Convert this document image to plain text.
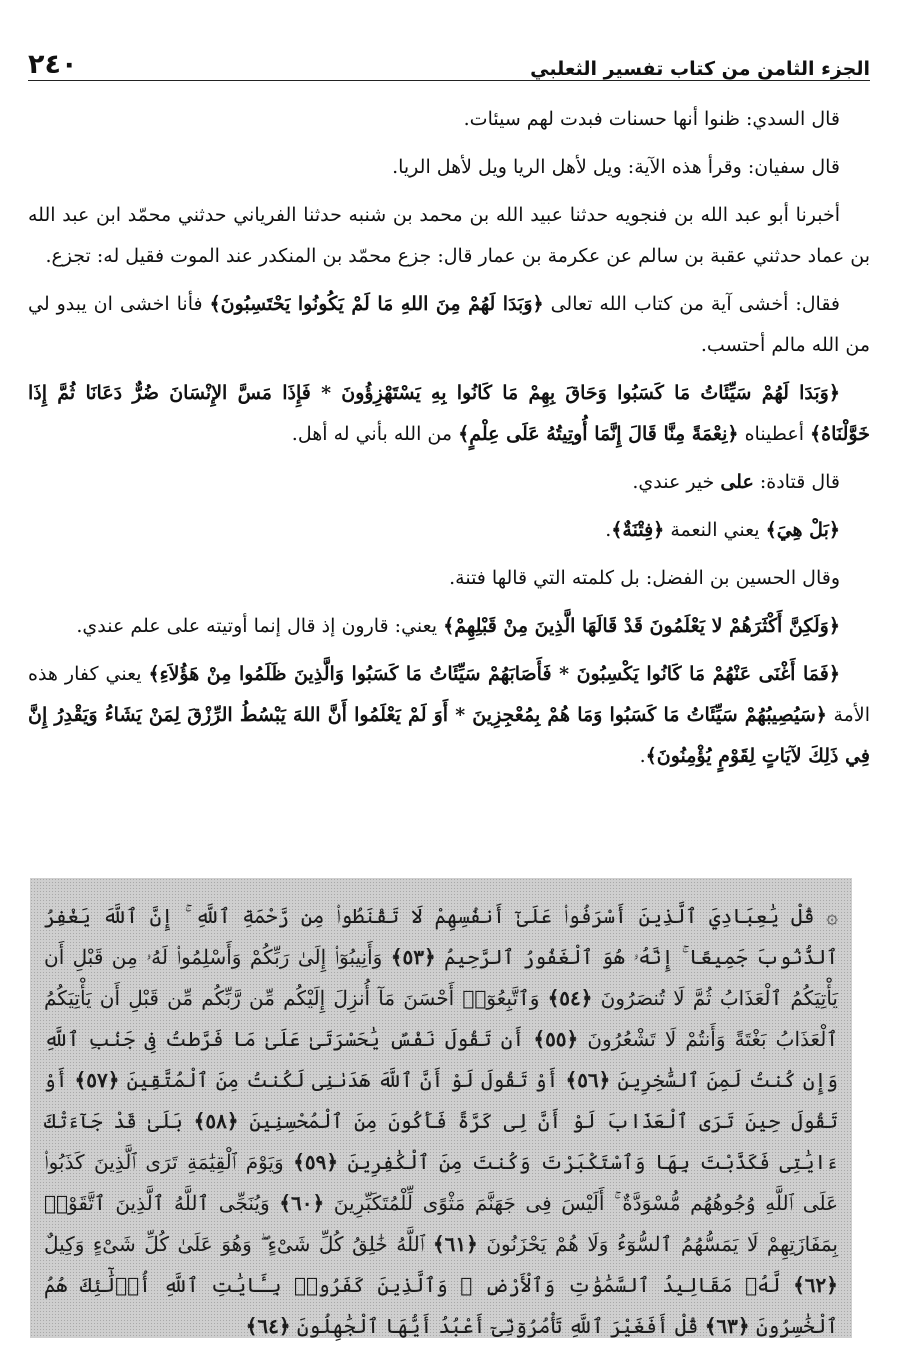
الجزء الثامن من كتاب تفسير الثعلبي
٢٤٠

قال السدي: ظنوا أنها حسنات فبدت لهم سيئات.

قال سفيان: وقرأ هذه الآية: ويل لأهل الريا ويل لأهل الريا.

أخبرنا أبو عبد الله بن فنجويه حدثنا عبيد الله بن محمد بن شنبه حدثنا الفرياني حدثني محمّد ابن عبد الله بن عماد حدثني عقبة بن سالم عن عكرمة بن عمار قال: جزع محمّد بن المنكدر عند الموت فقيل له: تجزع.

فقال: أخشى آية من كتاب الله تعالى ﴿وَبَدَا لَهُمْ مِنَ اللهِ مَا لَمْ يَكُونُوا يَحْتَسِبُونَ﴾ فأنا اخشى ان يبدو لي من الله مالم أحتسب.

﴿وَبَدَا لَهُمْ سَيِّئَاتُ مَا كَسَبُوا وَحَاقَ بِهِمْ مَا كَانُوا بِهِ يَسْتَهْزِؤُونَ * فَإِذَا مَسَّ الإِنْسَانَ ضُرٌّ دَعَانَا ثُمَّ إِذَا خَوَّلْنَاهُ﴾ أعطيناه ﴿نِعْمَةً مِنَّا قَالَ إِنَّمَا أُوتِيتُهُ عَلَى عِلْمٍ﴾ من الله بأني له أهل.

قال قتادة: على خير عندي.

﴿بَلْ هِيَ﴾ يعني النعمة ﴿فِتْنَةٌ﴾.

وقال الحسين بن الفضل: بل كلمته التي قالها فتنة.

﴿وَلَكِنَّ أَكْثَرَهُمْ لا يَعْلَمُونَ قَدْ قَالَهَا الَّذِينَ مِنْ قَبْلِهِمْ﴾ يعني: قارون إذ قال إنما أوتيته على علم عندي.

﴿فَمَا أَغْنَى عَنْهُمْ مَا كَانُوا يَكْسِبُونَ * فَأَصَابَهُمْ سَيِّئَاتُ مَا كَسَبُوا وَالَّذِينَ ظَلَمُوا مِنْ هَؤُلاَءِ﴾ يعني كفار هذه الأمة ﴿سَيُصِيبُهُمْ سَيِّئَاتُ مَا كَسَبُوا وَمَا هُمْ بِمُعْجِزِينَ * أَوَ لَمْ يَعْلَمُوا أَنَّ اللهَ يَبْسُطُ الرِّزْقَ لِمَنْ يَشَاءُ وَيَقْدِرُ إِنَّ فِي ذَلِكَ لآيَاتٍ لِقَوْمٍ يُؤْمِنُونَ﴾.

۞ قُلْ يَٰعِبَادِيَ ٱلَّذِينَ أَسْرَفُوا۟ عَلَىٰٓ أَنفُسِهِمْ لَا تَقْنَطُوا۟ مِن رَّحْمَةِ ٱللَّهِ ۚ إِنَّ ٱللَّهَ يَغْفِرُ ٱلذُّنُوبَ جَمِيعًا ۚ إِنَّهُۥ هُوَ ٱلْغَفُورُ ٱلرَّحِيمُ ﴿٥٣﴾ وَأَنِيبُوٓا۟ إِلَىٰ رَبِّكُمْ وَأَسْلِمُوا۟ لَهُۥ مِن قَبْلِ أَن يَأْتِيَكُمُ ٱلْعَذَابُ ثُمَّ لَا تُنصَرُونَ ﴿٥٤﴾ وَٱتَّبِعُوٓا۟ أَحْسَنَ مَآ أُنزِلَ إِلَيْكُم مِّن رَّبِّكُم مِّن قَبْلِ أَن يَأْتِيَكُمُ ٱلْعَذَابُ بَغْتَةً وَأَنتُمْ لَا تَشْعُرُونَ ﴿٥٥﴾ أَن تَقُولَ نَفْسٌ يَٰحَسْرَتَىٰ عَلَىٰ مَا فَرَّطتُ فِى جَنۢبِ ٱللَّهِ وَإِن كُنتُ لَمِنَ ٱلسَّٰخِرِينَ ﴿٥٦﴾ أَوْ تَقُولَ لَوْ أَنَّ ٱللَّهَ هَدَىٰنِى لَكُنتُ مِنَ ٱلْمُتَّقِينَ ﴿٥٧﴾ أَوْ تَقُولَ حِينَ تَرَى ٱلْعَذَابَ لَوْ أَنَّ لِى كَرَّةً فَأَكُونَ مِنَ ٱلْمُحْسِنِينَ ﴿٥٨﴾ بَلَىٰ قَدْ جَآءَتْكَ ءَايَٰتِى فَكَذَّبْتَ بِهَا وَٱسْتَكْبَرْتَ وَكُنتَ مِنَ ٱلْكَٰفِرِينَ ﴿٥٩﴾ وَيَوْمَ ٱلْقِيَٰمَةِ تَرَى ٱلَّذِينَ كَذَبُوا۟ عَلَى ٱللَّهِ وُجُوهُهُم مُّسْوَدَّةٌ ۚ أَلَيْسَ فِى جَهَنَّمَ مَثْوًى لِّلْمُتَكَبِّرِينَ ﴿٦٠﴾ وَيُنَجِّى ٱللَّهُ ٱلَّذِينَ ٱتَّقَوْا۟ بِمَفَازَتِهِمْ لَا يَمَسُّهُمُ ٱلسُّوٓءُ وَلَا هُمْ يَحْزَنُونَ ﴿٦١﴾ ٱللَّهُ خَٰلِقُ كُلِّ شَىْءٍ ۖ وَهُوَ عَلَىٰ كُلِّ شَىْءٍ وَكِيلٌ ﴿٦٢﴾ لَّهُۥ مَقَالِيدُ ٱلسَّمَٰوَٰتِ وَٱلْأَرْضِ ۗ وَٱلَّذِينَ كَفَرُوا۟ بِـَٔايَٰتِ ٱللَّهِ أُو۟لَٰٓئِكَ هُمُ ٱلْخَٰسِرُونَ ﴿٦٣﴾ قُلْ أَفَغَيْرَ ٱللَّهِ تَأْمُرُوٓنِّىٓ أَعْبُدُ أَيُّهَا ٱلْجَٰهِلُونَ ﴿٦٤﴾
